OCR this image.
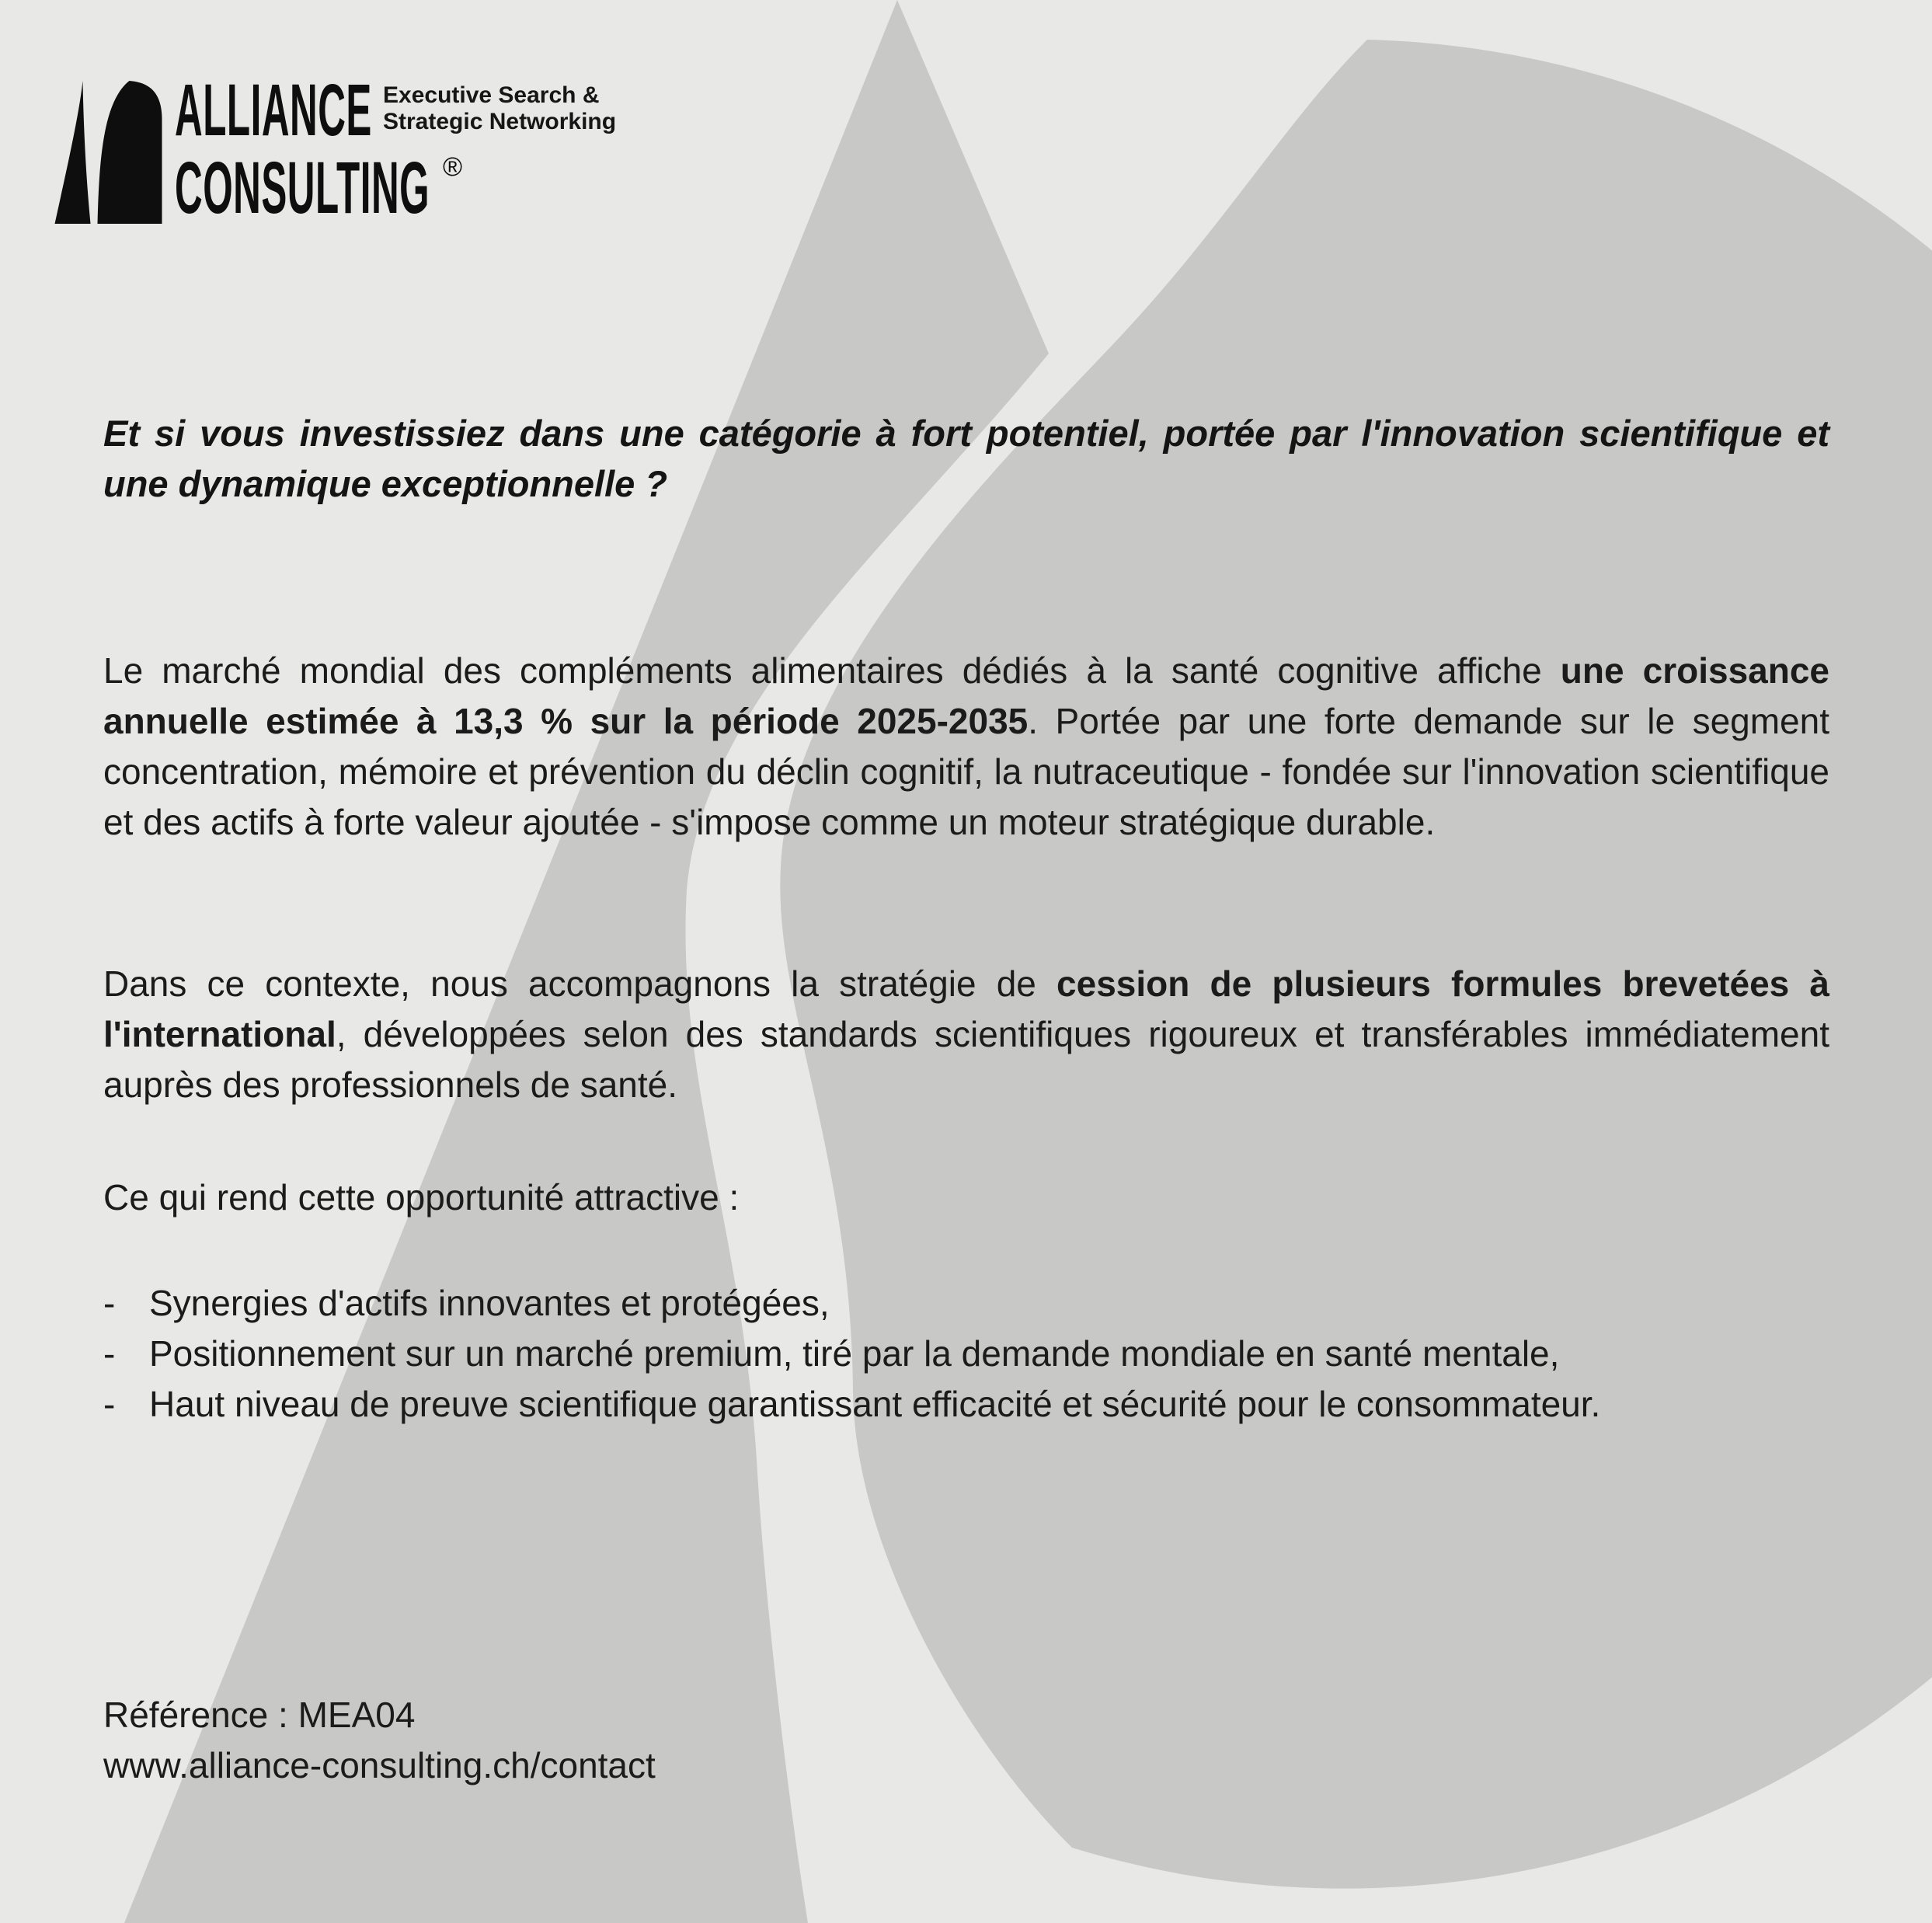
ALLIANCE
CONSULTING ®
Executive Search &
Strategic Networking
Et si vous investissiez dans une catégorie à fort potentiel, portée par l'innovation scientifique et une dynamique exceptionnelle ?

Le marché mondial des compléments alimentaires dédiés à la santé cognitive affiche une croissance annuelle estimée à 13,3 % sur la période 2025-2035. Portée par une forte demande sur le segment concentration, mémoire et prévention du déclin cognitif, la nutraceutique - fondée sur l'innovation scientifique et des actifs à forte valeur ajoutée - s'impose comme un moteur stratégique durable.

Dans ce contexte, nous accompagnons la stratégie de cession de plusieurs formules brevetées à l'international, développées selon des standards scientifiques rigoureux et transférables immédiatement auprès des professionnels de santé.

Ce qui rend cette opportunité attractive :
- Synergies d'actifs innovantes et protégées,
- Positionnement sur un marché premium, tiré par la demande mondiale en santé mentale,
- Haut niveau de preuve scientifique garantissant efficacité et sécurité pour le consommateur.
Référence : MEA04
www.alliance-consulting.ch/contact
